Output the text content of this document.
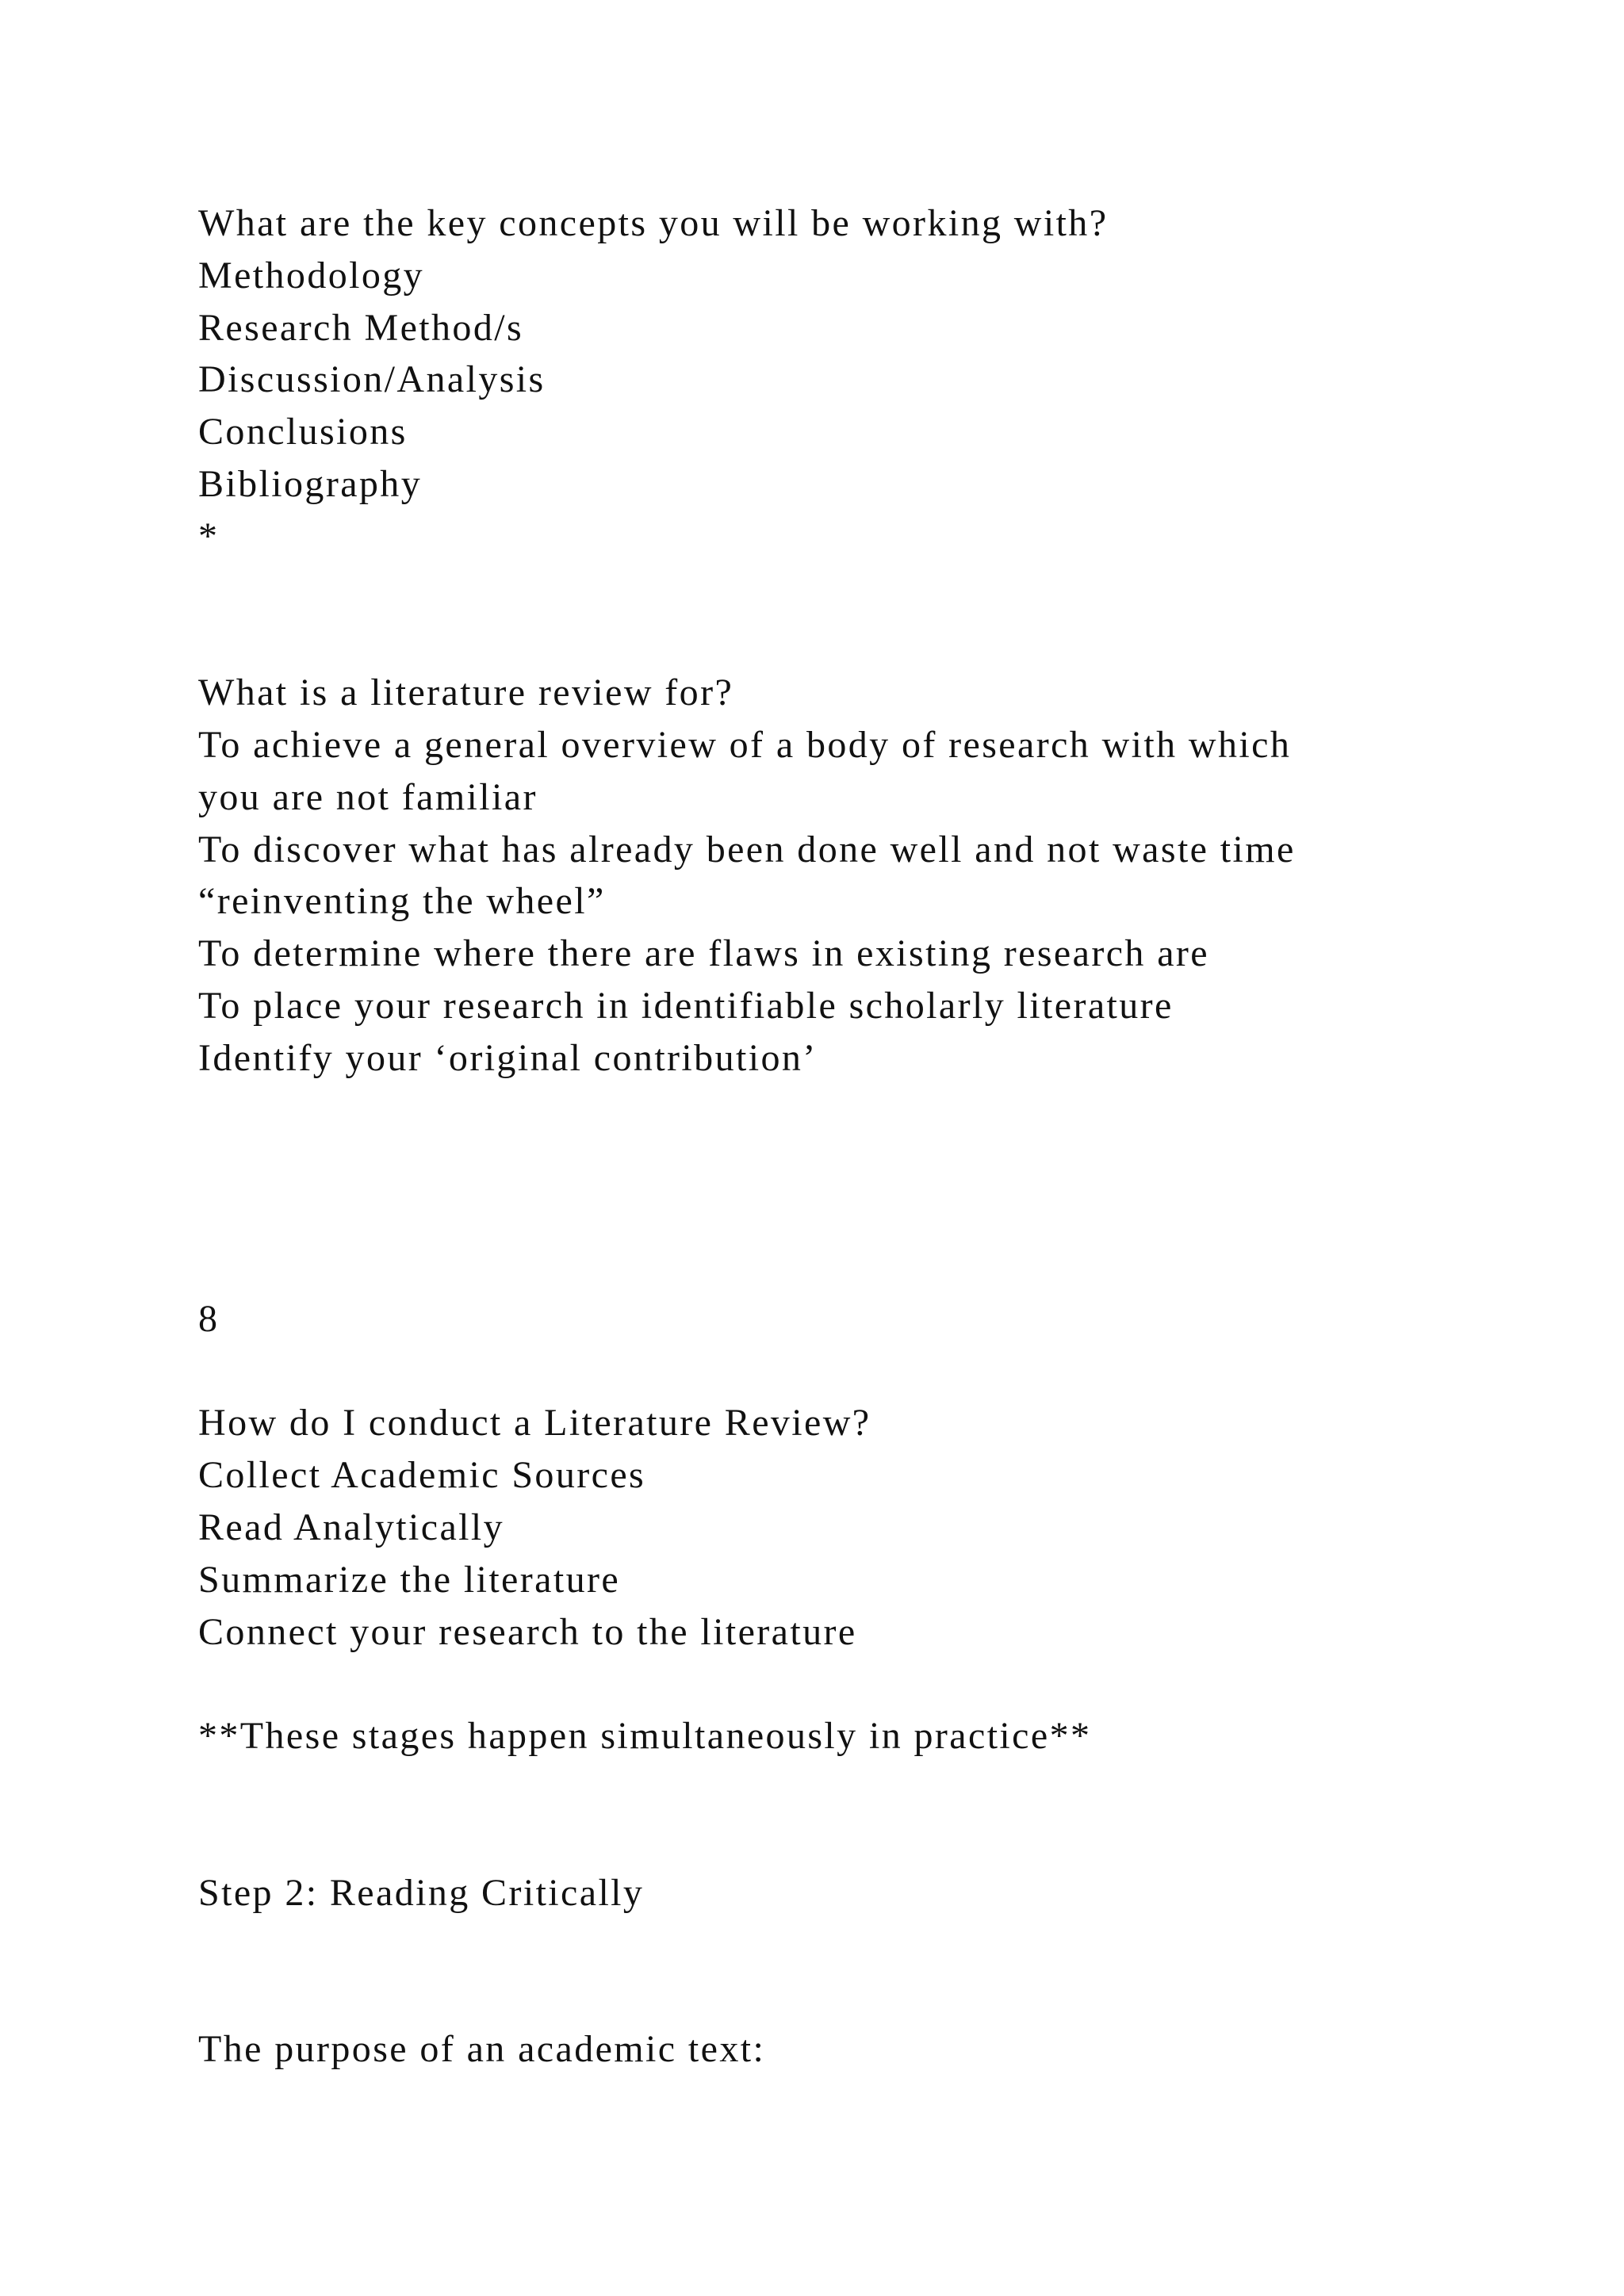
What are the key concepts you will be working with?
Methodology
Research Method/s
Discussion/Analysis
Conclusions
Bibliography
*
What is a literature review for?
To achieve a general overview of a body of research with which
you are not familiar
To discover what has already been done well and not waste time
“reinventing the wheel”
To determine where there are flaws in existing research are
To place your research in identifiable scholarly literature
Identify your ‘original contribution’
8
How do I conduct a Literature Review?
Collect Academic Sources
Read Analytically
Summarize the literature
Connect your research to the literature
**These stages happen simultaneously in practice**
Step 2: Reading Critically
The purpose of an academic text:
